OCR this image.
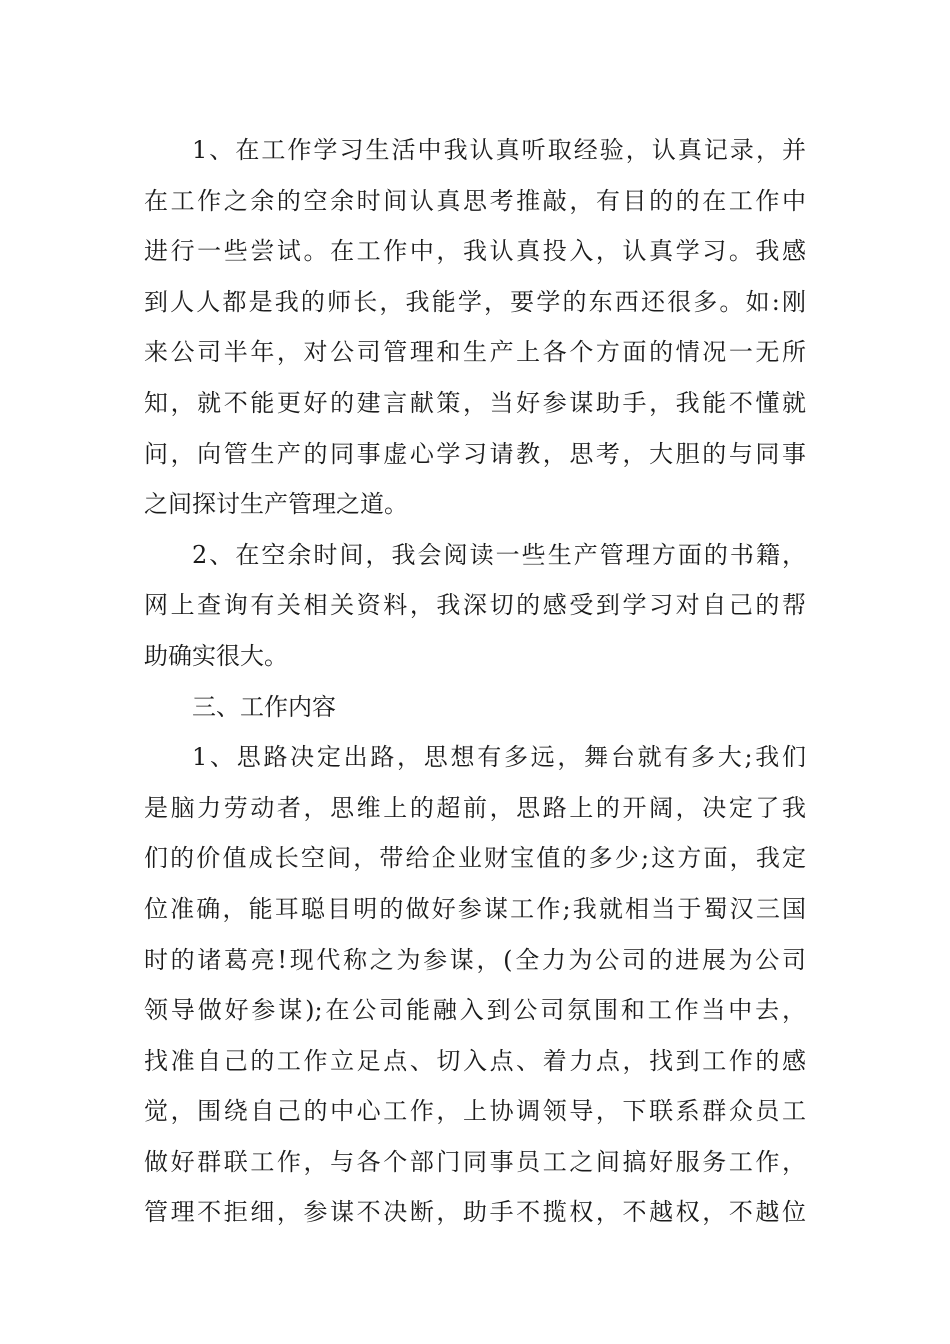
1、在工作学习生活中我认真听取经验，认真记录，并
在工作之余的空余时间认真思考推敲，有目的的在工作中
进行一些尝试。在工作中，我认真投入，认真学习。我感
到人人都是我的师长，我能学，要学的东西还很多。如:刚
来公司半年，对公司管理和生产上各个方面的情况一无所
知，就不能更好的建言献策，当好参谋助手，我能不懂就
问，向管生产的同事虚心学习请教，思考，大胆的与同事
之间探讨生产管理之道。

2、在空余时间，我会阅读一些生产管理方面的书籍，
网上查询有关相关资料，我深切的感受到学习对自己的帮
助确实很大。

三、工作内容

1、思路决定出路，思想有多远，舞台就有多大;我们
是脑力劳动者，思维上的超前，思路上的开阔，决定了我
们的价值成长空间，带给企业财宝值的多少;这方面，我定
位准确，能耳聪目明的做好参谋工作;我就相当于蜀汉三国
时的诸葛亮!现代称之为参谋，(全力为公司的进展为公司
领导做好参谋);在公司能融入到公司氛围和工作当中去，
找准自己的工作立足点、切入点、着力点，找到工作的感
觉，围绕自己的中心工作，上协调领导，下联系群众员工
做好群联工作，与各个部门同事员工之间搞好服务工作，
管理不拒细，参谋不决断，助手不揽权，不越权，不越位
